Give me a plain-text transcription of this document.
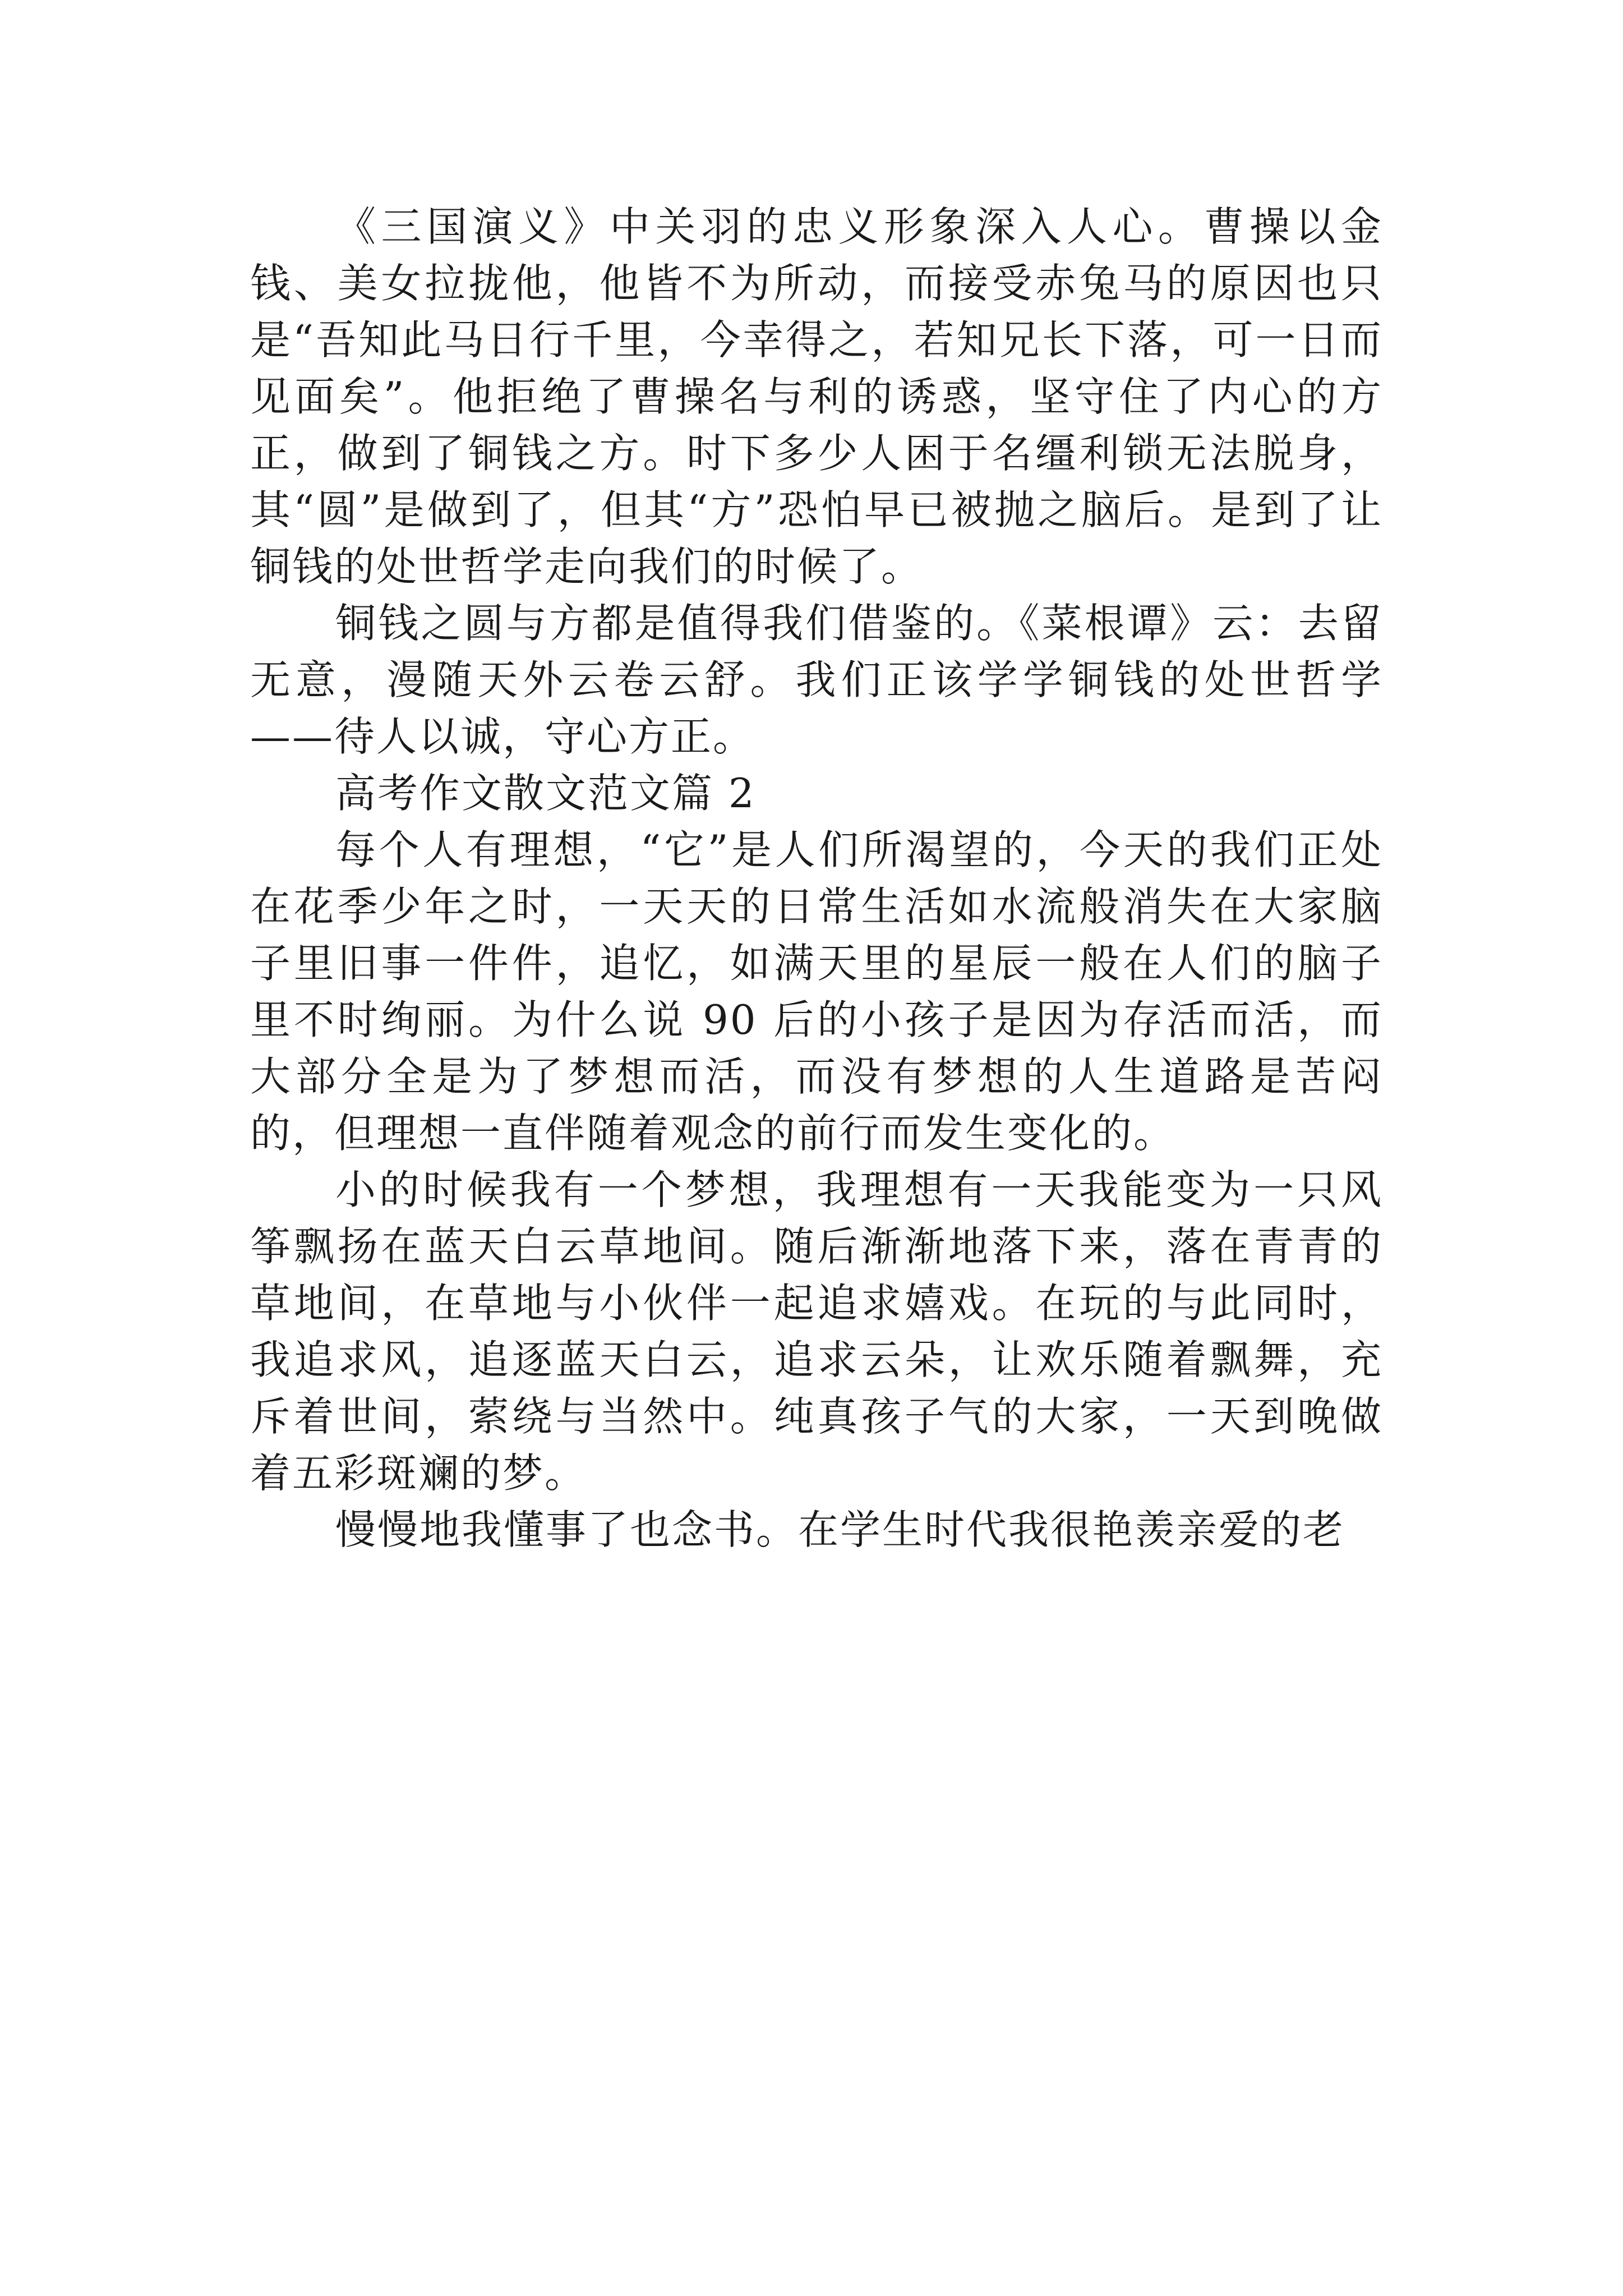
《三国演义》中关羽的忠义形象深入人心。曹操以金钱、美女拉拢他，他皆不为所动，而接受赤兔马的原因也只是“吾知此马日行千里，今幸得之，若知兄长下落，可一日而见面矣”。他拒绝了曹操名与利的诱惑，坚守住了内心的方正，做到了铜钱之方。时下多少人困于名缰利锁无法脱身，其“圆”是做到了，但其“方”恐怕早已被抛之脑后。是到了让铜钱的处世哲学走向我们的时候了。

铜钱之圆与方都是值得我们借鉴的。《菜根谭》云：去留无意，漫随天外云卷云舒。我们正该学学铜钱的处世哲学——待人以诚，守心方正。

高考作文散文范文篇 2

每个人有理想，“它”是人们所渴望的，今天的我们正处在花季少年之时，一天天的日常生活如水流般消失在大家脑子里旧事一件件，追忆，如满天里的星辰一般在人们的脑子里不时绚丽。为什么说 90 后的小孩子是因为存活而活，而大部分全是为了梦想而活，而没有梦想的人生道路是苦闷的，但理想一直伴随着观念的前行而发生变化的。

小的时候我有一个梦想，我理想有一天我能变为一只风筝飘扬在蓝天白云草地间。随后渐渐地落下来，落在青青的草地间，在草地与小伙伴一起追求嬉戏。在玩的与此同时，我追求风，追逐蓝天白云，追求云朵，让欢乐随着飘舞，充斥着世间，萦绕与当然中。纯真孩子气的大家，一天到晚做着五彩斑斓的梦。

慢慢地我懂事了也念书。在学生时代我很艳羡亲爱的老
